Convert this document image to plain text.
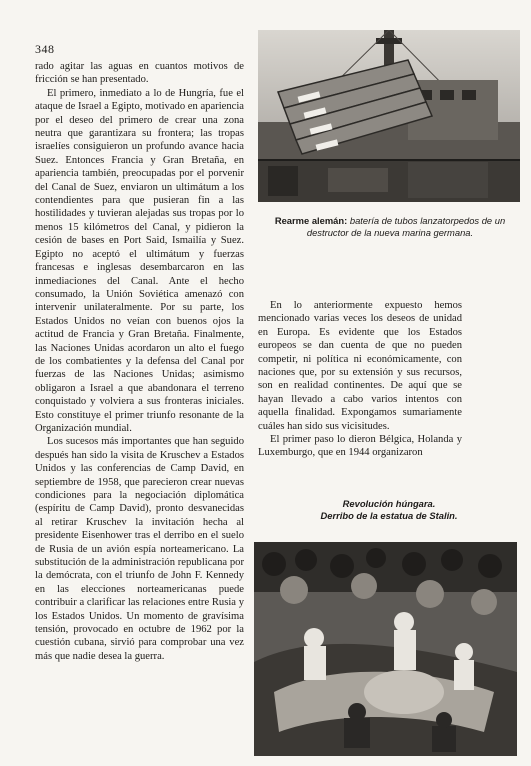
348
Rearme alemán: batería de tubos lanzatorpedos de un destructor de la nueva marina germana.

rado agitar las aguas en cuantos motivos de fricción se han presentado.

El primero, inmediato a lo de Hungría, fue el ataque de Israel a Egipto, motivado en apariencia por el deseo del primero de crear una zona neutra que garantizara su frontera; las tropas israelíes consiguieron un profundo avance hacia Suez. Entonces Francia y Gran Bretaña, en apariencia también, preocupadas por el porvenir del Canal de Suez, enviaron un ultimátum a los contendientes para que pusieran fin a las hostilidades y tuvieran alejadas sus tropas por lo menos 15 kilómetros del Canal, y pidieron la cesión de bases en Port Said, Ismailía y Suez. Egipto no aceptó el ultimátum y fuerzas francesas e inglesas desembarcaron en las inmediaciones del Canal. Ante el hecho consumado, la Unión Soviética amenazó con intervenir unilateralmente. Por su parte, los Estados Unidos no veían con buenos ojos la actitud de Francia y Gran Bretaña. Finalmente, las Naciones Unidas acordaron un alto el fuego de los combatientes y la defensa del Canal por fuerzas de las Naciones Unidas; asimismo obligaron a Israel a que abandonara el terreno conquistado y volviera a sus fronteras iniciales. Esto constituye el primer triunfo resonante de la Organización mundial.

Los sucesos más importantes que han seguido después han sido la visita de Kruschev a Estados Unidos y las conferencias de Camp David, en septiembre de 1958, que parecieron crear nuevas condiciones para la negociación diplomática (espíritu de Camp David), pronto desvanecidas al retirar Kruschev la invitación hecha al presidente Eisenhower tras el derribo en el suelo de Rusia de un avión espía norteamericano. La substitución de la administración republicana por la demócrata, con el triunfo de John F. Kennedy en las elecciones norteamericanas puede contribuir a clarificar las relaciones entre Rusia y los Estados Unidos. Un momento de gravísima tensión, provocado en octubre de 1962 por la cuestión cubana, sirvió para comprobar una vez más que nadie desea la guerra.

En lo anteriormente expuesto hemos mencionado varias veces los deseos de unidad en Europa. Es evidente que los Estados europeos se dan cuenta de que no pueden competir, ni política ni económicamente, con naciones que, por su extensión y sus recursos, son en realidad continentes. De aquí que se hayan llevado a cabo varios intentos con aquella finalidad. Expongamos sumariamente cuáles han sido sus vicisitudes.

El primer paso lo dieron Bélgica, Holanda y Luxemburgo, que en 1944 organizaron

Revolución húngara.
Derribo de la estatua de Stalin.
